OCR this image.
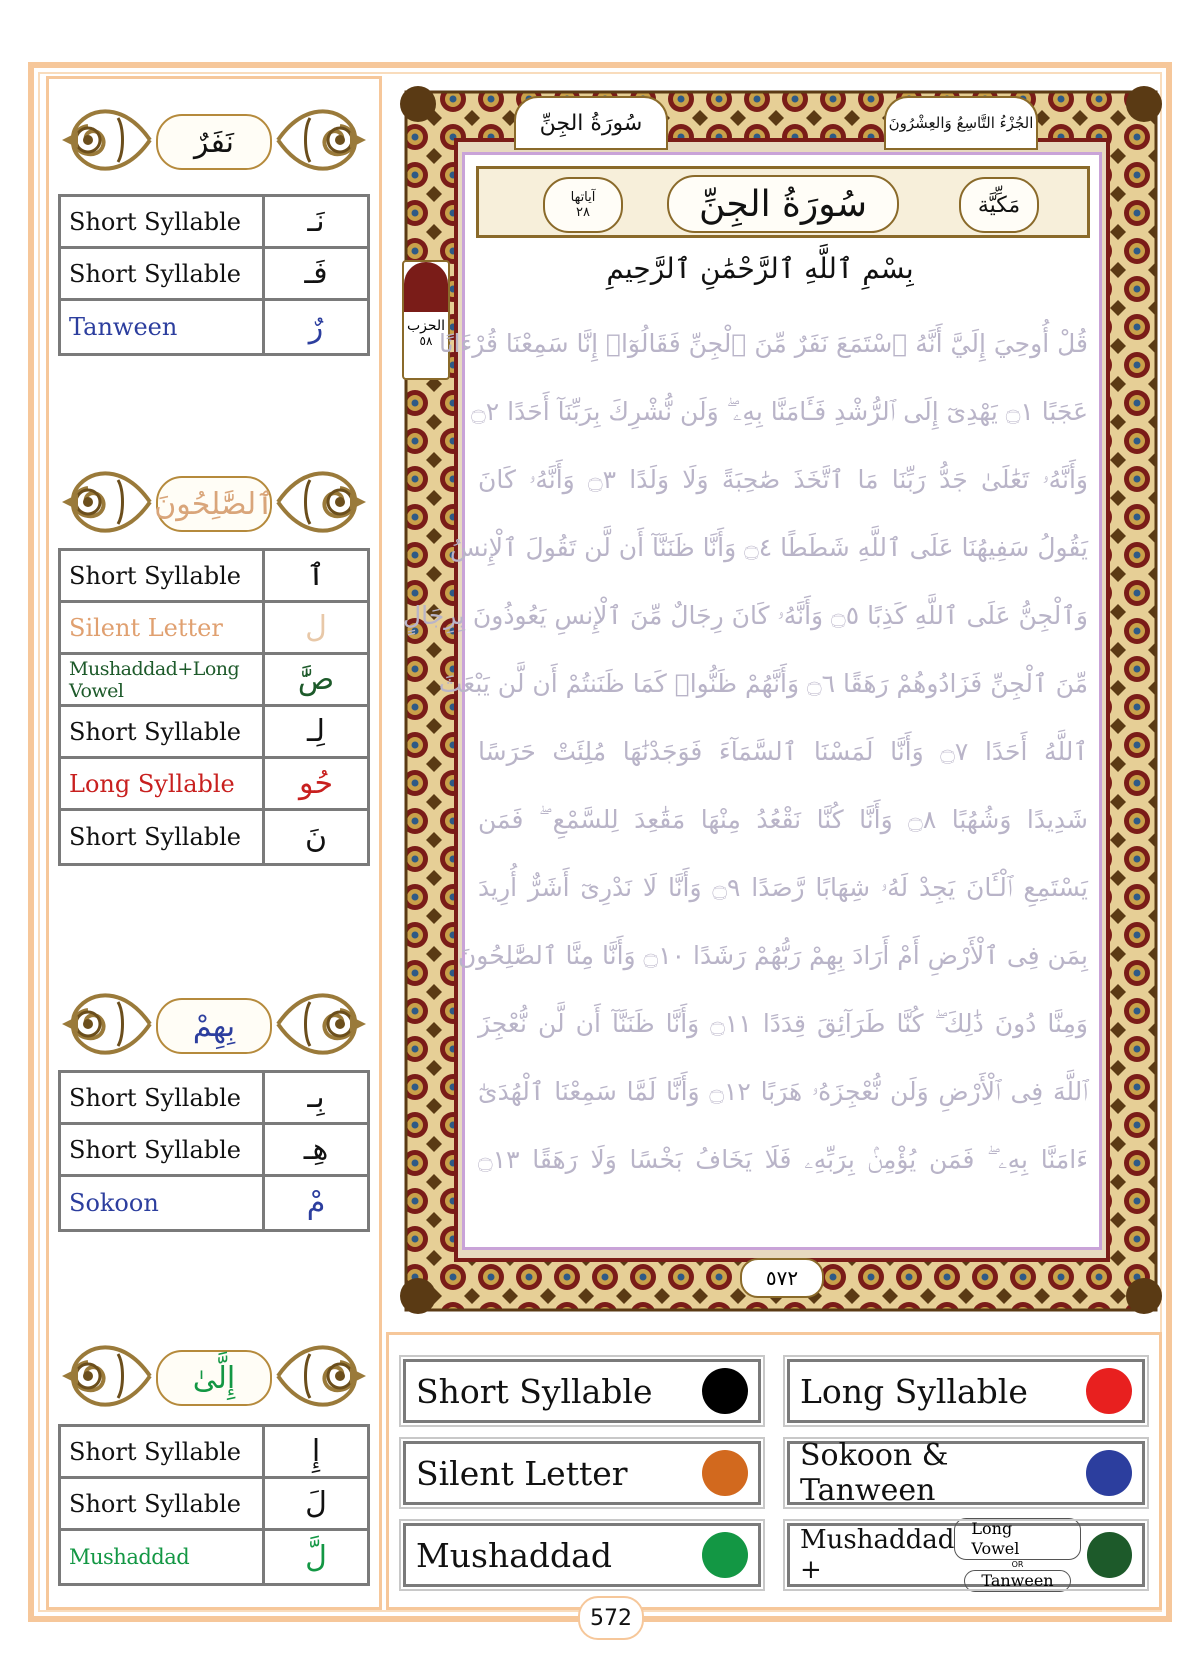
نَفَرٌ
Short Syllable	نَـ
Short Syllable	فَـ
Tanween	رٌ
ٱلصَّٰلِحُونَ
Short Syllable	ٱ
Silent Letter	ل
Mushaddad+Long Vowel	صَّٰ
Short Syllable	لِـ
Long Syllable	حُو
Short Syllable	نَ
بِهِمْ
Short Syllable	بِـ
Short Syllable	هِـ
Sokoon	مْ
إِلَّىٰ
Short Syllable	إِ
Short Syllable	لَ
Mushaddad	لَّ
سُورَةُ الجِنِّ	الجُزْءُ التَّاسِعُ وَالعِشْرُونَ
آياتها
٢٨	سُورَةُ الجِنِّ	مَكِّيَّة
الحزب
٥٨
بِسْمِ ٱللَّهِ ٱلرَّحْمَٰنِ ٱلرَّحِيمِ
قُلْ أُوحِيَ إِلَيَّ أَنَّهُ ٱسْتَمَعَ نَفَرٌ مِّنَ ٱلْجِنِّ فَقَالُوٓا۟ إِنَّا سَمِعْنَا قُرْءَانًا
عَجَبًا ۝١ يَهْدِىٓ إِلَى ٱلرُّشْدِ فَـَٔامَنَّا بِهِۦ ۖ وَلَن نُّشْرِكَ بِرَبِّنَآ أَحَدًا ۝٢
وَأَنَّهُۥ تَعَٰلَىٰ جَدُّ رَبِّنَا مَا ٱتَّخَذَ صَٰحِبَةً وَلَا وَلَدًا ۝٣ وَأَنَّهُۥ كَانَ
يَقُولُ سَفِيهُنَا عَلَى ٱللَّهِ شَطَطًا ۝٤ وَأَنَّا ظَنَنَّآ أَن لَّن تَقُولَ ٱلْإِنسُ
وَٱلْجِنُّ عَلَى ٱللَّهِ كَذِبًا ۝٥ وَأَنَّهُۥ كَانَ رِجَالٌ مِّنَ ٱلْإِنسِ يَعُوذُونَ بِرِجَالٍ
مِّنَ ٱلْجِنِّ فَزَادُوهُمْ رَهَقًا ۝٦ وَأَنَّهُمْ ظَنُّوا۟ كَمَا ظَنَنتُمْ أَن لَّن يَبْعَثَ
ٱللَّهُ أَحَدًا ۝٧ وَأَنَّا لَمَسْنَا ٱلسَّمَآءَ فَوَجَدْنَٰهَا مُلِئَتْ حَرَسًا
شَدِيدًا وَشُهُبًا ۝٨ وَأَنَّا كُنَّا نَقْعُدُ مِنْهَا مَقَٰعِدَ لِلسَّمْعِ ۖ فَمَن
يَسْتَمِعِ ٱلْـَٔانَ يَجِدْ لَهُۥ شِهَابًا رَّصَدًا ۝٩ وَأَنَّا لَا نَدْرِىٓ أَشَرٌّ أُرِيدَ
بِمَن فِى ٱلْأَرْضِ أَمْ أَرَادَ بِهِمْ رَبُّهُمْ رَشَدًا ۝١٠ وَأَنَّا مِنَّا ٱلصَّٰلِحُونَ
وَمِنَّا دُونَ ذَٰلِكَ ۖ كُنَّا طَرَآئِقَ قِدَدًا ۝١١ وَأَنَّا ظَنَنَّآ أَن لَّن نُّعْجِزَ
ٱللَّهَ فِى ٱلْأَرْضِ وَلَن نُّعْجِزَهُۥ هَرَبًا ۝١٢ وَأَنَّا لَمَّا سَمِعْنَا ٱلْهُدَىٰٓ
ءَامَنَّا بِهِۦ ۖ فَمَن يُؤْمِنۢ بِرَبِّهِۦ فَلَا يَخَافُ بَخْسًا وَلَا رَهَقًا ۝١٣
٥٧٢
Short Syllable	Long Syllable
Silent Letter	Sokoon & Tanween
Mushaddad	Mushaddad +
Long Vowel
OR
Tanween
572
